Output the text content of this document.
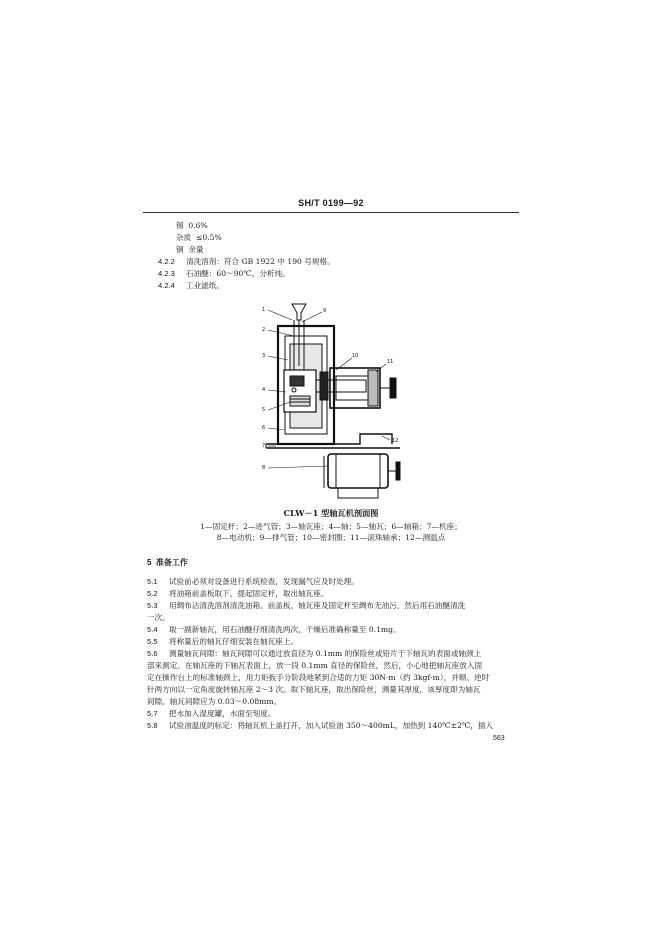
SH/T 0199—92
锡 0.6%
杂质 ≤0.5%
铜 余量
4.2.2 清洗溶剂：符合 GB 1922 中 190 号规格。
4.2.3 石油醚：60～90℃，分析纯。
4.2.4 工业滤纸。
1
2
3
4
5
6
7
8
9
10
11
12
CLW－1 型轴瓦机剖面图
1—固定杆；2—进气管；3—轴瓦座；4—轴；5—轴瓦；6—轴箱；7—机座；
8—电动机；9—排气管；10—密封圈；11—滚珠轴承；12—测温点
5 准备工作
5.1 试验前必须对设备进行系统检查，发现漏气应及时处理。
5.2 将油箱前盖板取下，提起固定杆，取出轴瓦座。
5.3 用绸布沾清洗溶剂清洗油箱、前盖板、轴瓦座及固定杆至绸布无油污，然后用石油醚清洗
一次。
5.4 取一副新轴瓦，用石油醚仔细清洗两次，干燥后准确称量至 0.1mg。
5.5 将称量后的轴瓦仔细安装在轴瓦座上。
5.6 测量轴瓦间隙：轴瓦间隙可以通过放直径为 0.1mm 的保险丝或铅片于下轴瓦的表面或轴颈上
部来测定。在轴瓦座的下轴瓦表面上，放一段 0.1mm 直径的保险丝，然后，小心地把轴瓦座放入固
定在操作台上的标准轴颈上，用力矩扳手分阶段地紧到合适的力矩 30N·m（约 3kgf·m），并顺、逆时
针两方向以一定角度旋转轴瓦座 2～3 次。取下轴瓦座，取出保险丝，测量其厚度，该厚度即为轴瓦
间隙。轴瓦间隙应为 0.03～0.08mm。
5.7 把水加入湿度罐，水面至刻度。
5.8 试验油温度的标定：将轴瓦机上盖打开，加入试验油 350～400mL，加热到 140℃±2℃，插入
563
